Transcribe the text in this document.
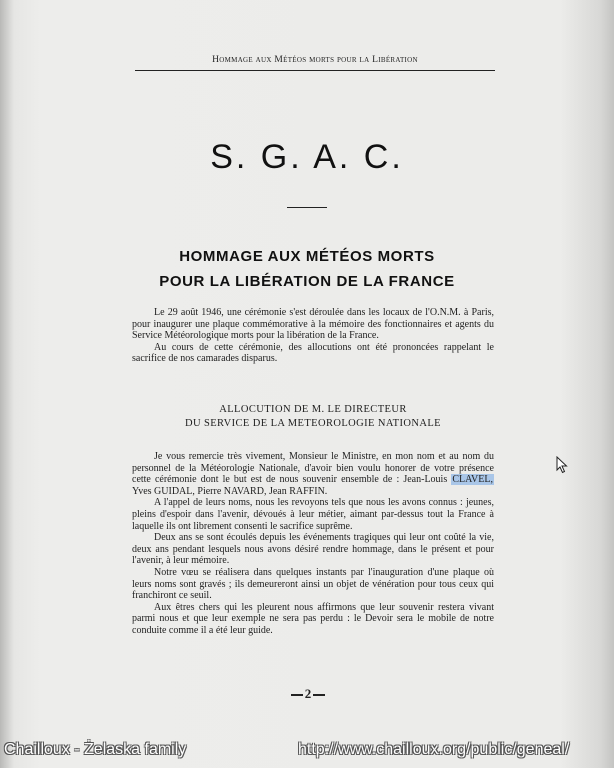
Hommage aux Météos morts pour la Libération
S. G. A. C.
HOMMAGE AUX MÉTÉOS MORTS
POUR LA LIBÉRATION DE LA FRANCE

Le 29 août 1946, une cérémonie s'est déroulée dans les locaux de l'O.N.M. à Paris, pour inaugurer une plaque commémorative à la mémoire des fonctionnaires et agents du Service Météorologique morts pour la libération de la France.

Au cours de cette cérémonie, des allocutions ont été prononcées rappelant le sacrifice de nos camarades disparus.

ALLOCUTION DE M. LE DIRECTEUR
DU SERVICE DE LA METEOROLOGIE NATIONALE

Je vous remercie très vivement, Monsieur le Ministre, en mon nom et au nom du personnel de la Météorologie Nationale, d'avoir bien voulu honorer de votre présence cette cérémonie dont le but est de nous souvenir ensemble de : Jean-Louis CLAVEL, Yves GUIDAL, Pierre NAVARD, Jean RAFFIN.

A l'appel de leurs noms, nous les revoyons tels que nous les avons connus : jeunes, pleins d'espoir dans l'avenir, dévoués à leur métier, aimant par-dessus tout la France à laquelle ils ont librement consenti le sacrifice suprême.

Deux ans se sont écoulés depuis les événements tragiques qui leur ont coûté la vie, deux ans pendant lesquels nous avons désiré rendre hommage, dans le présent et pour l'avenir, à leur mémoire.

Notre vœu se réalisera dans quelques instants par l'inauguration d'une plaque où leurs noms sont gravés ; ils demeureront ainsi un objet de vénération pour tous ceux qui franchiront ce seuil.

Aux êtres chers qui les pleurent nous affirmons que leur souvenir restera vivant parmi nous et que leur exemple ne sera pas perdu : le Devoir sera le mobile de notre conduite comme il a été leur guide.

2
Chailloux - Żelaska family	http://www.chailloux.org/public/geneal/
